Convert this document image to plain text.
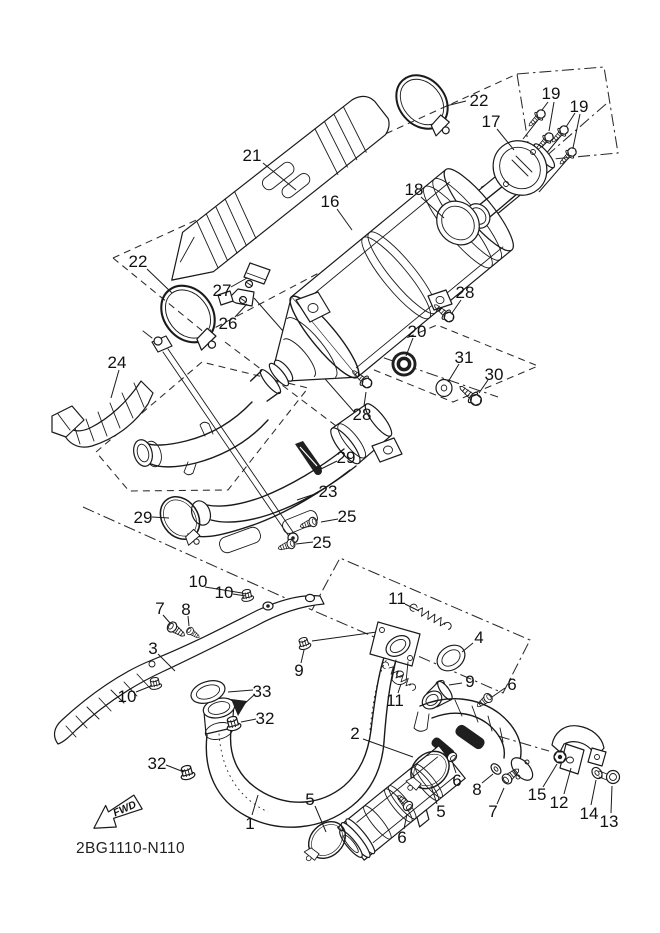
FWD
2BG1110-N110
21
16
22	19
19
17
18
22
27
26
28
20
31
30
28
24
29
23
25
25
29
10
10
7 8
3
10
9
33
32
32
1
5
11
4
11
9 6
2
6 8
7
5
6
15 12
14 13
